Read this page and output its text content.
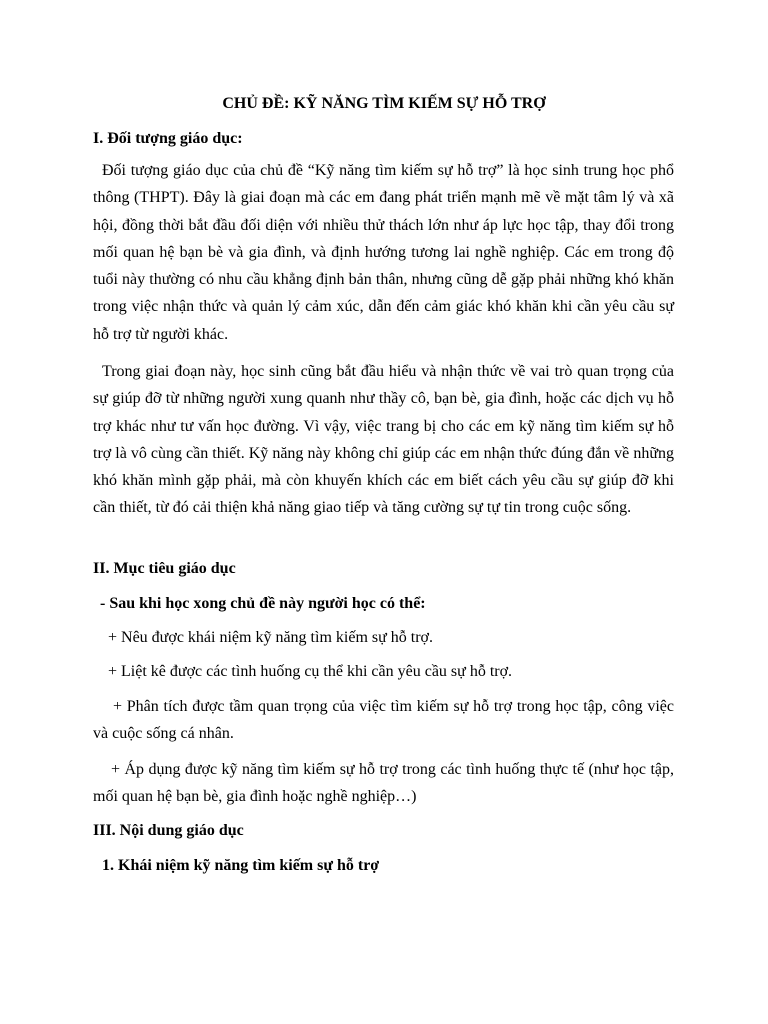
CHỦ ĐỀ: KỸ NĂNG TÌM KIẾM SỰ HỖ TRỢ
I. Đối tượng giáo dục:
Đối tượng giáo dục của chủ đề “Kỹ năng tìm kiếm sự hỗ trợ” là học sinh trung học phổ thông (THPT). Đây là giai đoạn mà các em đang phát triển mạnh mẽ về mặt tâm lý và xã hội, đồng thời bắt đầu đối diện với nhiều thử thách lớn như áp lực học tập, thay đổi trong mối quan hệ bạn bè và gia đình, và định hướng tương lai nghề nghiệp. Các em trong độ tuổi này thường có nhu cầu khẳng định bản thân, nhưng cũng dễ gặp phải những khó khăn trong việc nhận thức và quản lý cảm xúc, dẫn đến cảm giác khó khăn khi cần yêu cầu sự hỗ trợ từ người khác.
Trong giai đoạn này, học sinh cũng bắt đầu hiểu và nhận thức về vai trò quan trọng của sự giúp đỡ từ những người xung quanh như thầy cô, bạn bè, gia đình, hoặc các dịch vụ hỗ trợ khác như tư vấn học đường. Vì vậy, việc trang bị cho các em kỹ năng tìm kiếm sự hỗ trợ là vô cùng cần thiết. Kỹ năng này không chỉ giúp các em nhận thức đúng đắn về những khó khăn mình gặp phải, mà còn khuyến khích các em biết cách yêu cầu sự giúp đỡ khi cần thiết, từ đó cải thiện khả năng giao tiếp và tăng cường sự tự tin trong cuộc sống.
II. Mục tiêu giáo dục
- Sau khi học xong chủ đề này người học có thể:
+ Nêu được khái niệm kỹ năng tìm kiếm sự hỗ trợ.
+ Liệt kê được các tình huống cụ thể khi cần yêu cầu sự hỗ trợ.
+ Phân tích được tầm quan trọng của việc tìm kiếm sự hỗ trợ trong học tập, công việc và cuộc sống cá nhân.
+ Áp dụng được kỹ năng tìm kiếm sự hỗ trợ trong các tình huống thực tế (như học tập, mối quan hệ bạn bè, gia đình hoặc nghề nghiệp…)
III. Nội dung giáo dục
1. Khái niệm kỹ năng tìm kiếm sự hỗ trợ
